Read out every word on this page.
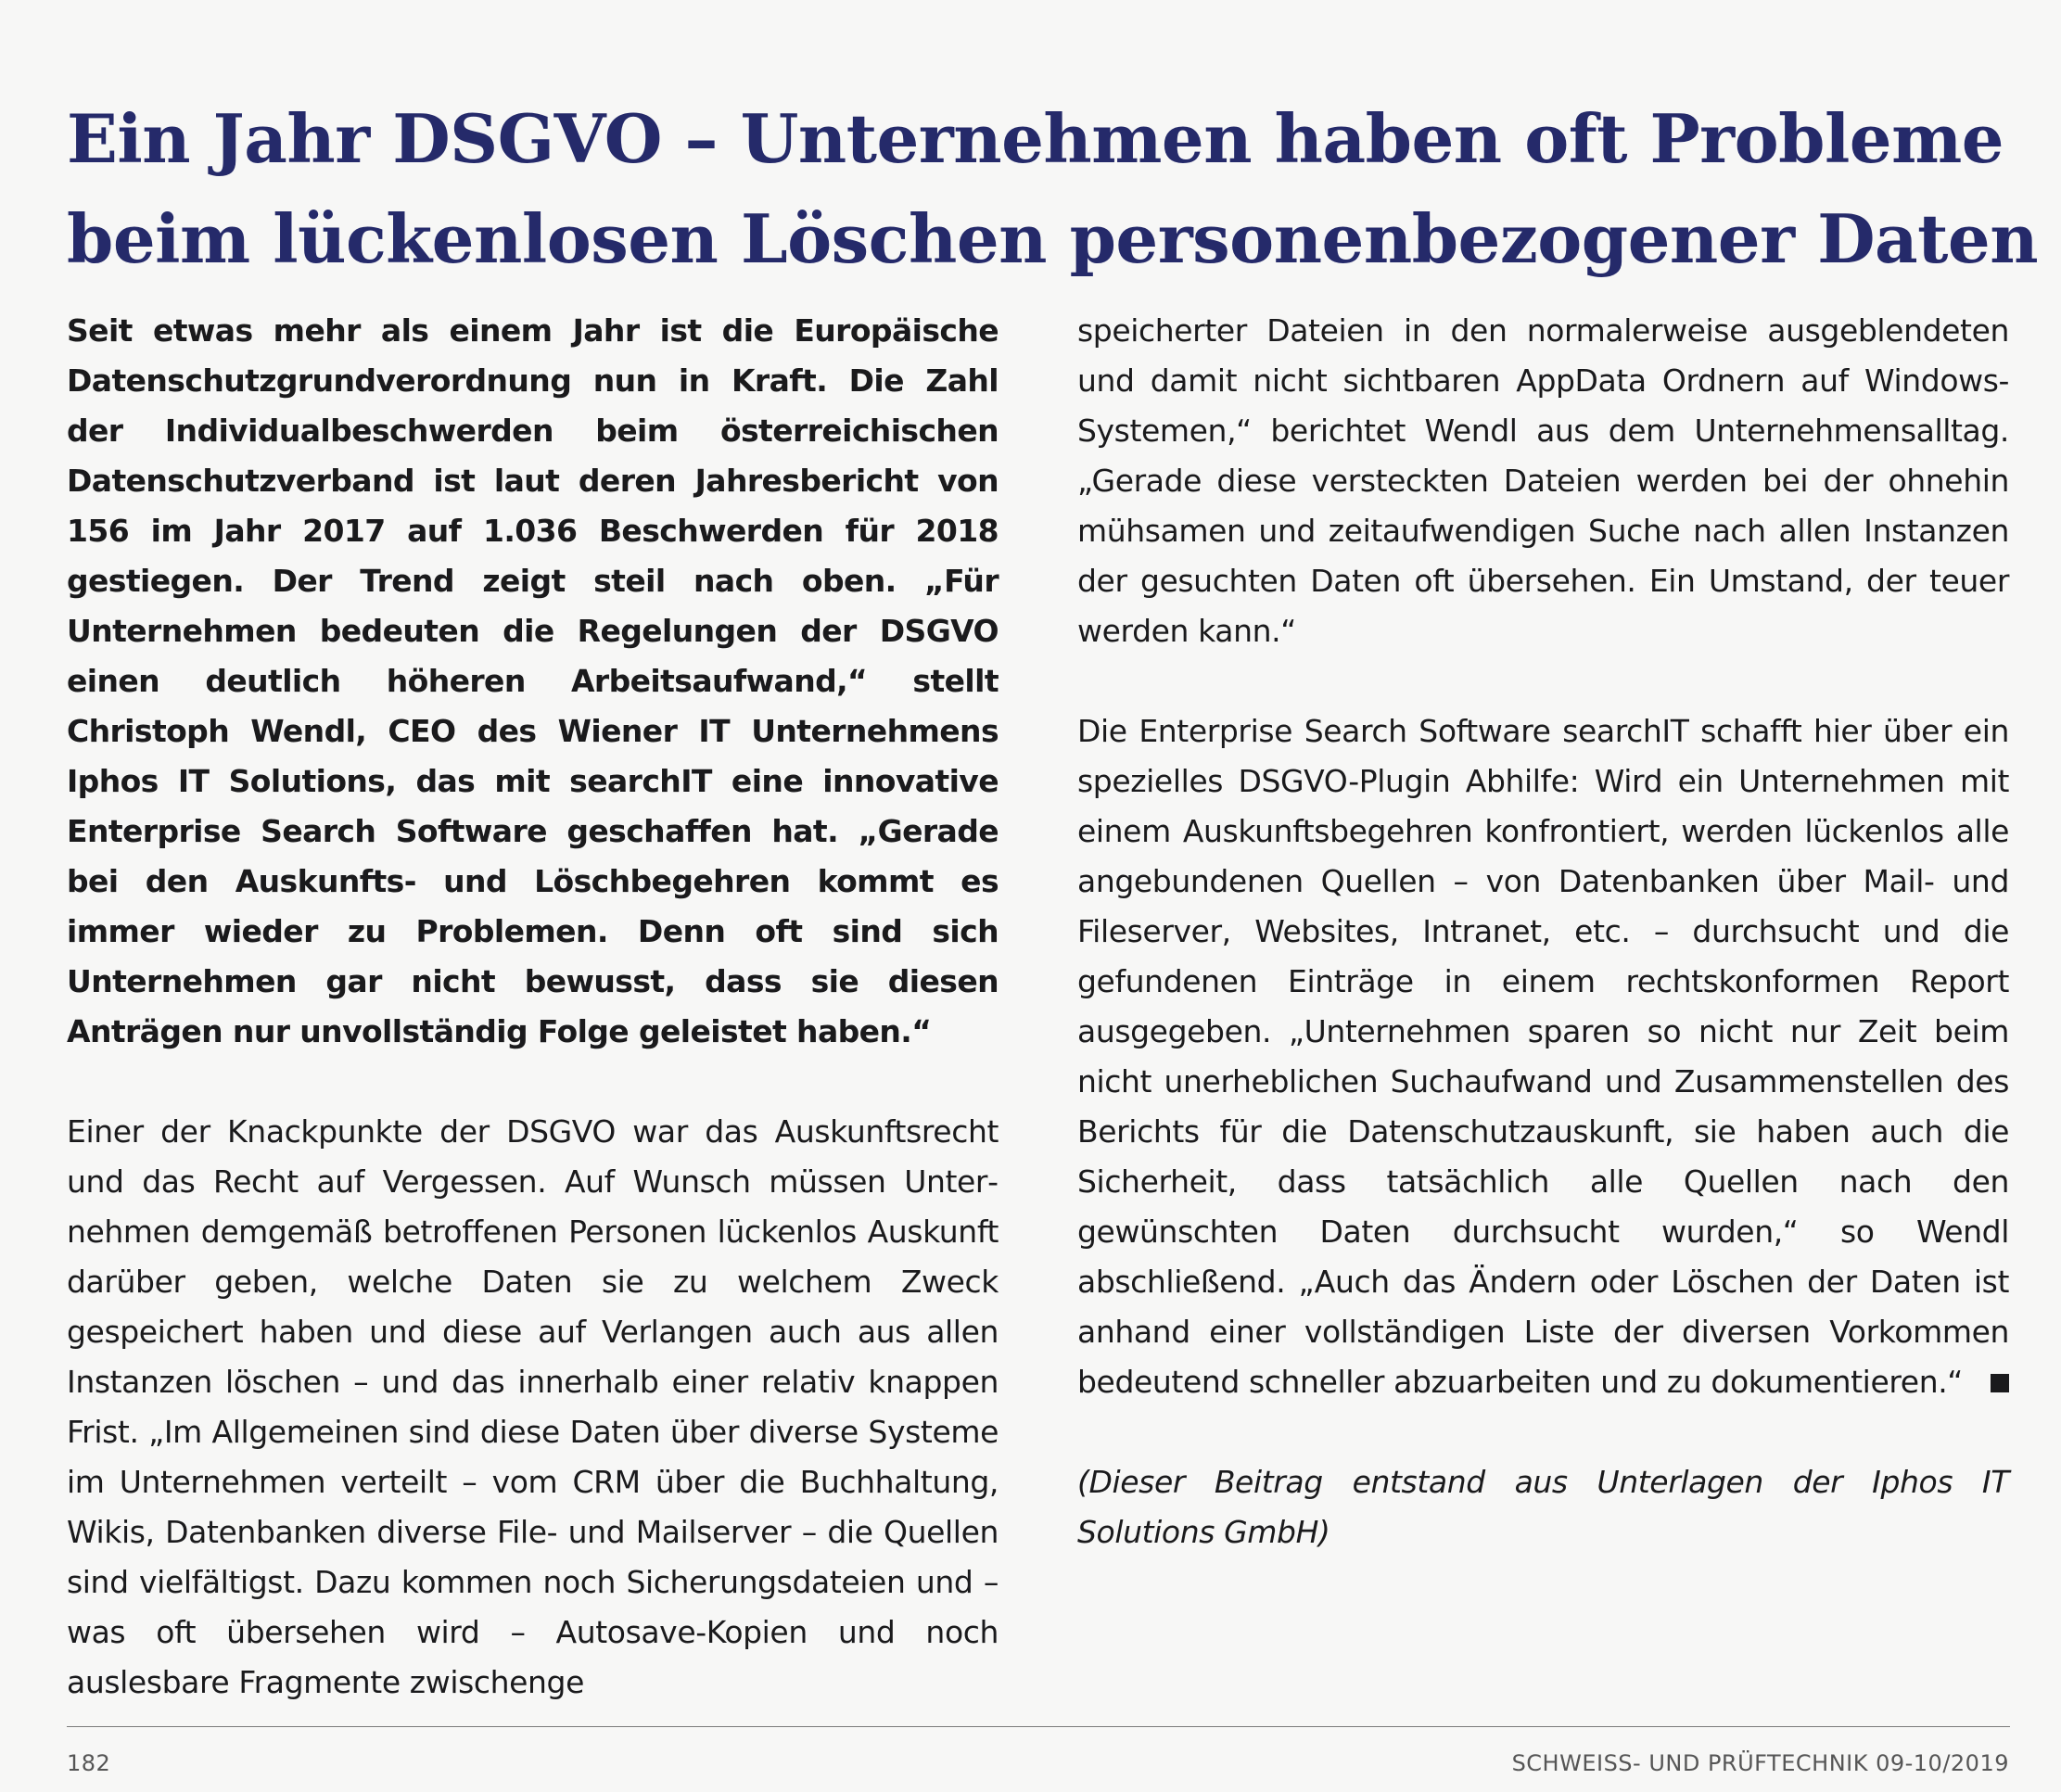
Ein Jahr DSGVO – Unternehmen haben oft Probleme
beim lückenlosen Löschen personenbezogener Daten

Seit etwas mehr als einem Jahr ist die Europäische Datenschutzgrundverordnung nun in Kraft. Die Zahl der Individualbeschwerden beim österreichischen Datenschutzverband ist laut deren Jahresbericht von 156 im Jahr 2017 auf 1.036 Beschwerden für 2018 gestiegen. Der Trend zeigt steil nach oben. „Für Unternehmen bedeuten die Regelungen der DSGVO einen deutlich höheren Arbeitsaufwand,“ stellt Christoph Wendl, CEO des Wiener IT Unternehmens Iphos IT Solutions, das mit searchIT eine innovative Enterprise Search Software geschaffen hat. „Gerade bei den Auskunfts- und Löschbegehren kommt es immer wieder zu Problemen. Denn oft sind sich Unternehmen gar nicht bewusst, dass sie diesen Anträgen nur unvollständig Folge geleistet haben.“

Einer der Knackpunkte der DSGVO war das Auskunftsrecht und das Recht auf Vergessen. Auf Wunsch müssen Unternehmen demgemäß betroffenen Personen lückenlos Auskunft darüber geben, welche Daten sie zu welchem Zweck gespeichert haben und diese auf Verlangen auch aus allen Instanzen löschen – und das innerhalb einer relativ knappen Frist. „Im Allgemeinen sind diese Daten über diverse Systeme im Unternehmen verteilt – vom CRM über die Buchhaltung, Wikis, Datenbanken diverse File- und Mailserver – die Quellen sind vielfältigst. Dazu kommen noch Sicherungsdateien und – was oft übersehen wird – Autosave-Kopien und noch auslesbare Fragmente zwischenge

speicherter Dateien in den normalerweise ausgeblendeten und damit nicht sichtbaren AppData Ordnern auf Windows-Systemen,“ berichtet Wendl aus dem Unternehmensalltag. „Gerade diese versteckten Dateien werden bei der ohnehin mühsamen und zeitaufwendigen Suche nach allen Instanzen der gesuchten Daten oft übersehen. Ein Umstand, der teuer werden kann.“

Die Enterprise Search Software searchIT schafft hier über ein spezielles DSGVO-Plugin Abhilfe: Wird ein Unternehmen mit einem Auskunftsbegehren konfrontiert, werden lückenlos alle angebundenen Quellen – von Datenbanken über Mail- und Fileserver, Websites, Intranet, etc. – durchsucht und die gefundenen Einträge in einem rechtskonformen Report ausgegeben. „Unternehmen sparen so nicht nur Zeit beim nicht unerheblichen Suchaufwand und Zusammenstellen des Berichts für die Datenschutzauskunft, sie haben auch die Sicherheit, dass tatsächlich alle Quellen nach den gewünschten Daten durchsucht wurden,“ so Wendl abschließend. „Auch das Ändern oder Löschen der Daten ist anhand einer vollständigen Liste der diversen Vorkommen bedeutend schneller abzuarbeiten und zu dokumentieren.“

(Dieser Beitrag entstand aus Unterlagen der Iphos IT Solutions GmbH)

182	SCHWEISS- UND PRÜFTECHNIK 09-10/2019
